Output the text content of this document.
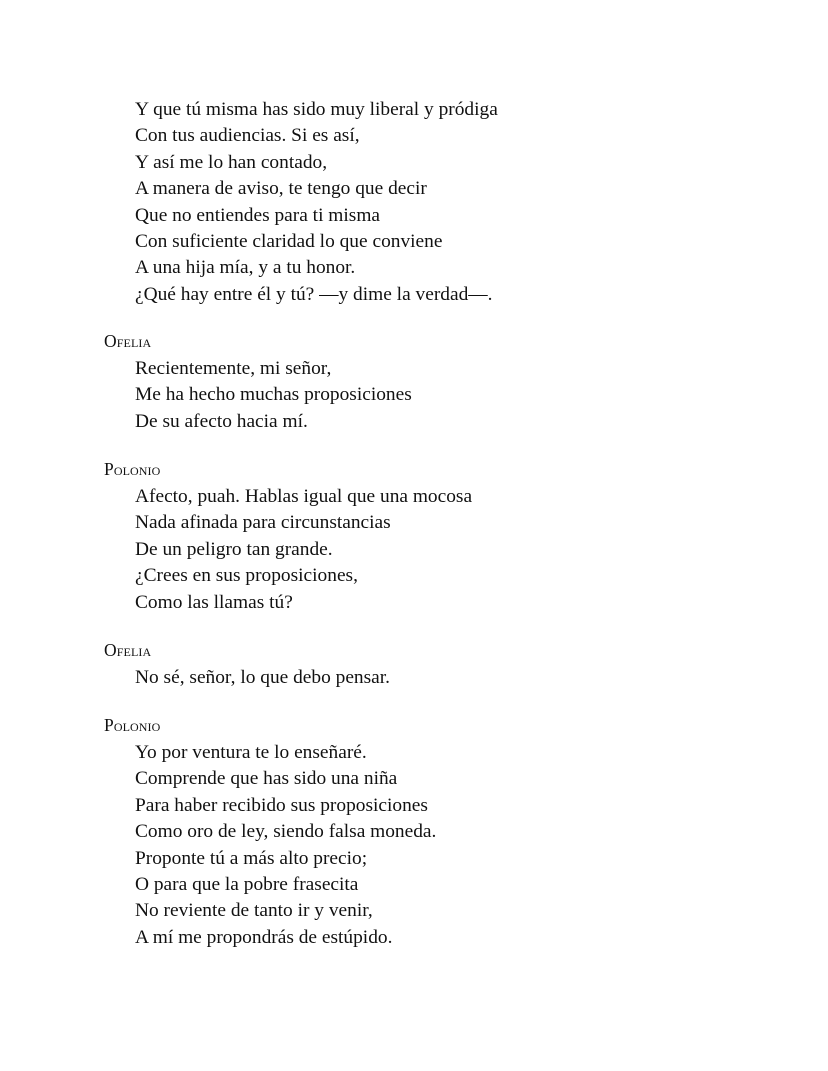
Y que tú misma has sido muy liberal y pródiga
Con tus audiencias. Si es así,
Y así me lo han contado,
A manera de aviso, te tengo que decir
Que no entiendes para ti misma
Con suficiente claridad lo que conviene
A una hija mía, y a tu honor.
¿Qué hay entre él y tú? —y dime la verdad—.
Ofelia
Recientemente, mi señor,
Me ha hecho muchas proposiciones
De su afecto hacia mí.
Polonio
Afecto, puah. Hablas igual que una mocosa
Nada afinada para circunstancias
De un peligro tan grande.
¿Crees en sus proposiciones,
Como las llamas tú?
Ofelia
No sé, señor, lo que debo pensar.
Polonio
Yo por ventura te lo enseñaré.
Comprende que has sido una niña
Para haber recibido sus proposiciones
Como oro de ley, siendo falsa moneda.
Proponte tú a más alto precio;
O para que la pobre frasecita
No reviente de tanto ir y venir,
A mí me propondrás de estúpido.
